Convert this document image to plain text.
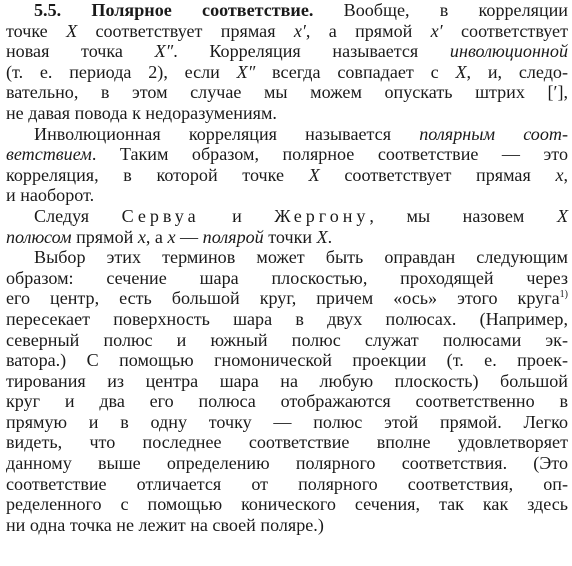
5.5. Полярное соответствие. Вообще, в корреляции
точке X соответствует прямая x′, а прямой x′ соответствует
новая точка X″. Корреляция называется инволюционной
(т. е. периода 2), если X″ всегда совпадает с X, и, следо-
вательно, в этом случае мы можем опускать штрих [′],
не давая повода к недоразумениям.
Инволюционная корреляция называется полярным соот-
ветствием. Таким образом, полярное соответствие — это
корреляция, в которой точке X соответствует прямая x,
и наоборот.
Следуя Сервуа и Жергону, мы назовем X
полюсом прямой x, а x — полярой точки X.
Выбор этих терминов может быть оправдан следующим
образом: сечение шара плоскостью, проходящей через
его центр, есть большой круг, причем «ось» этого круга$^{1)}$
пересекает поверхность шара в двух полюсах. (Например,
северный полюс и южный полюс служат полюсами эк-
ватора.) С помощью гномонической проекции (т. е. проек-
тирования из центра шара на любую плоскость) большой
круг и два его полюса отображаются соответственно в
прямую и в одну точку — полюс этой прямой. Легко
видеть, что последнее соответствие вполне удовлетворяет
данному выше определению полярного соответствия. (Это
соответствие отличается от полярного соответствия, оп-
ределенного с помощью конического сечения, так как здесь
ни одна точка не лежит на своей поляре.)
